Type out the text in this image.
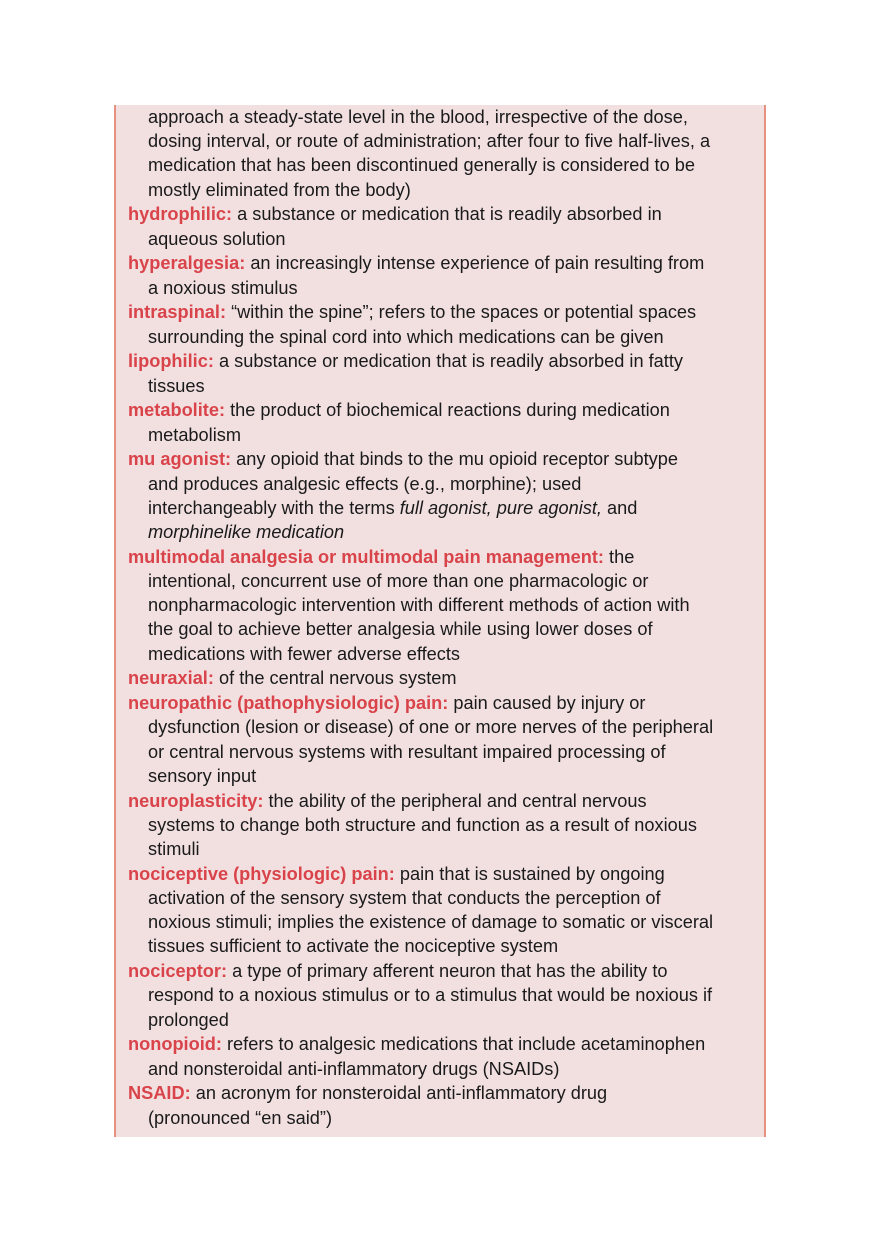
approach a steady-state level in the blood, irrespective of the dose,
dosing interval, or route of administration; after four to five half-lives, a
medication that has been discontinued generally is considered to be
mostly eliminated from the body)
hydrophilic: a substance or medication that is readily absorbed in
aqueous solution
hyperalgesia: an increasingly intense experience of pain resulting from
a noxious stimulus
intraspinal: “within the spine”; refers to the spaces or potential spaces
surrounding the spinal cord into which medications can be given
lipophilic: a substance or medication that is readily absorbed in fatty
tissues
metabolite: the product of biochemical reactions during medication
metabolism
mu agonist: any opioid that binds to the mu opioid receptor subtype
and produces analgesic effects (e.g., morphine); used
interchangeably with the terms full agonist, pure agonist, and
morphinelike medication
multimodal analgesia or multimodal pain management: the
intentional, concurrent use of more than one pharmacologic or
nonpharmacologic intervention with different methods of action with
the goal to achieve better analgesia while using lower doses of
medications with fewer adverse effects
neuraxial: of the central nervous system
neuropathic (pathophysiologic) pain: pain caused by injury or
dysfunction (lesion or disease) of one or more nerves of the peripheral
or central nervous systems with resultant impaired processing of
sensory input
neuroplasticity: the ability of the peripheral and central nervous
systems to change both structure and function as a result of noxious
stimuli
nociceptive (physiologic) pain: pain that is sustained by ongoing
activation of the sensory system that conducts the perception of
noxious stimuli; implies the existence of damage to somatic or visceral
tissues sufficient to activate the nociceptive system
nociceptor: a type of primary afferent neuron that has the ability to
respond to a noxious stimulus or to a stimulus that would be noxious if
prolonged
nonopioid: refers to analgesic medications that include acetaminophen
and nonsteroidal anti-inflammatory drugs (NSAIDs)
NSAID: an acronym for nonsteroidal anti-inflammatory drug
(pronounced “en said”)
